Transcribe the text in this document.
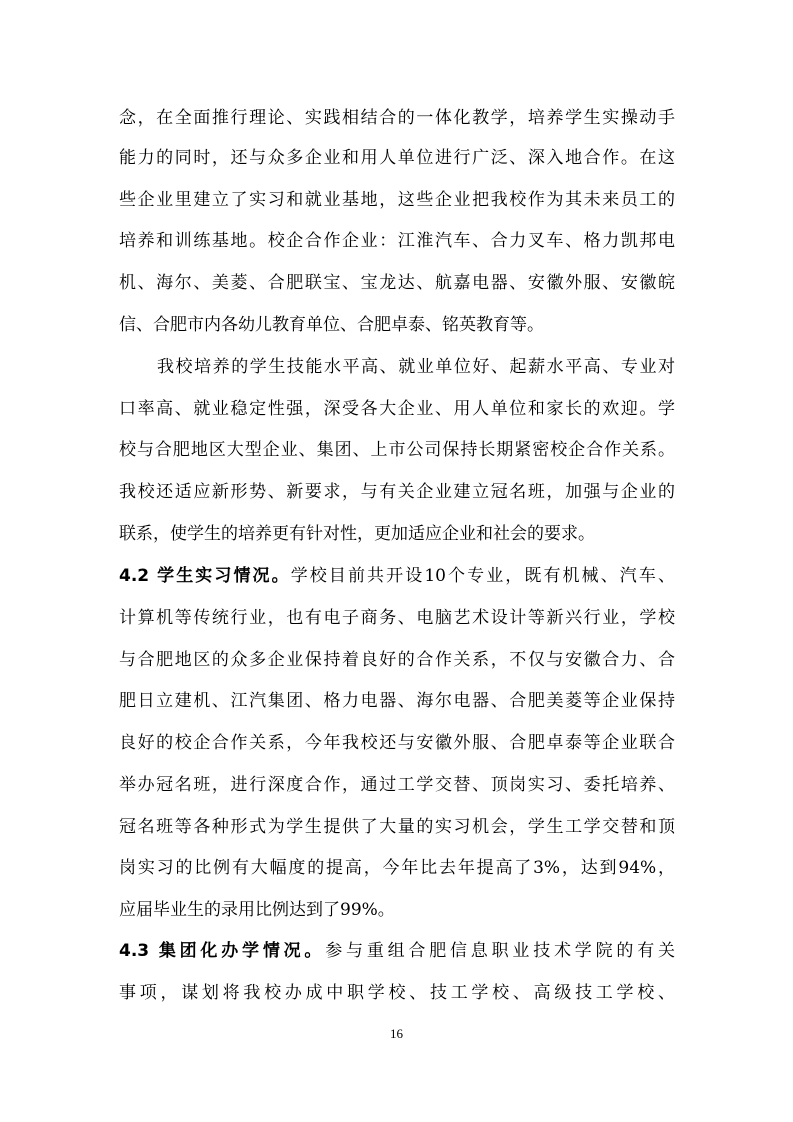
念，在全面推行理论、实践相结合的一体化教学，培养学生实操动手
能力的同时，还与众多企业和用人单位进行广泛、深入地合作。在这
些企业里建立了实习和就业基地，这些企业把我校作为其未来员工的
培养和训练基地。校企合作企业：江淮汽车、合力叉车、格力凯邦电
机、海尔、美菱、合肥联宝、宝龙达、航嘉电器、安徽外服、安徽皖
信、合肥市内各幼儿教育单位、合肥卓泰、铭英教育等。
我校培养的学生技能水平高、就业单位好、起薪水平高、专业对
口率高、就业稳定性强，深受各大企业、用人单位和家长的欢迎。学
校与合肥地区大型企业、集团、上市公司保持长期紧密校企合作关系。
我校还适应新形势、新要求，与有关企业建立冠名班，加强与企业的
联系，使学生的培养更有针对性，更加适应企业和社会的要求。
4.2 学生实习情况。学校目前共开设10个专业，既有机械、汽车、
计算机等传统行业，也有电子商务、电脑艺术设计等新兴行业，学校
与合肥地区的众多企业保持着良好的合作关系，不仅与安徽合力、合
肥日立建机、江汽集团、格力电器、海尔电器、合肥美菱等企业保持
良好的校企合作关系，今年我校还与安徽外服、合肥卓泰等企业联合
举办冠名班，进行深度合作，通过工学交替、顶岗实习、委托培养、
冠名班等各种形式为学生提供了大量的实习机会，学生工学交替和顶
岗实习的比例有大幅度的提高，今年比去年提高了3%，达到94%，
应届毕业生的录用比例达到了99%。
4.3 集团化办学情况。参与重组合肥信息职业技术学院的有关
事项，谋划将我校办成中职学校、技工学校、高级技工学校、
16
